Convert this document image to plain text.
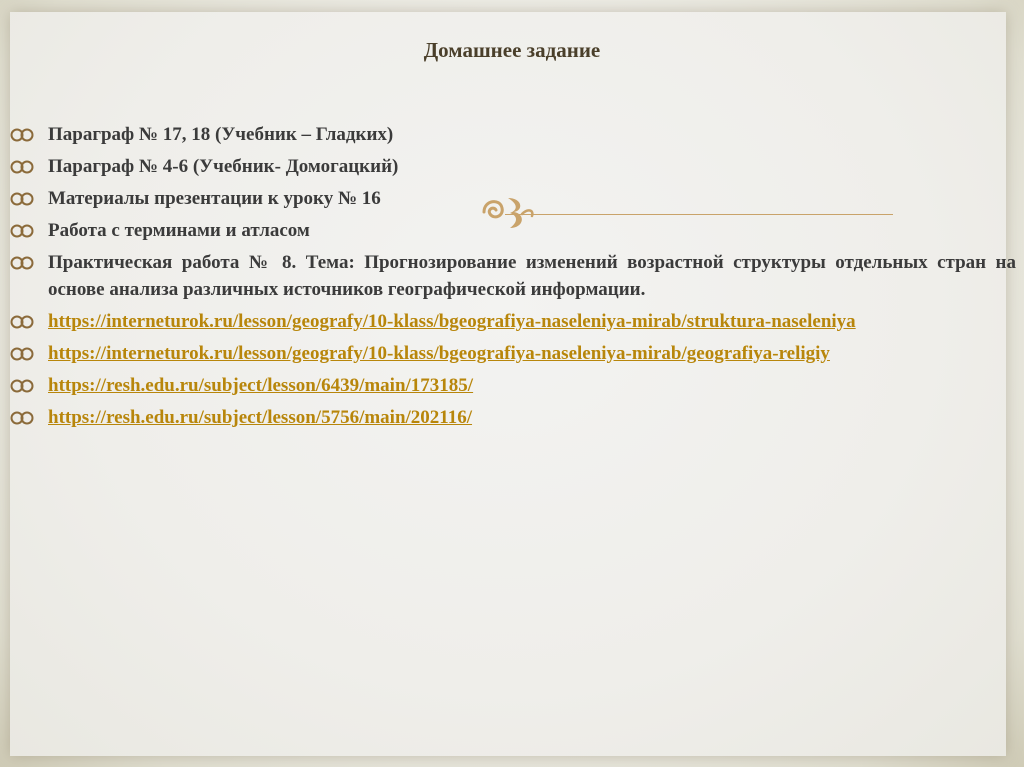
Домашнее задание
Параграф № 17, 18 (Учебник – Гладких)
Параграф № 4-6 (Учебник- Домогацкий)
Материалы презентации к уроку № 16
Работа с терминами и атласом
Практическая работа № 8. Тема: Прогнозирование изменений возрастной структуры отдельных стран на основе анализа различных источников географической информации.
https://interneturok.ru/lesson/geografy/10-klass/bgeografiya-naseleniya-mirab/struktura-naseleniya
https://interneturok.ru/lesson/geografy/10-klass/bgeografiya-naseleniya-mirab/geografiya-religiy
https://resh.edu.ru/subject/lesson/6439/main/173185/
https://resh.edu.ru/subject/lesson/5756/main/202116/
